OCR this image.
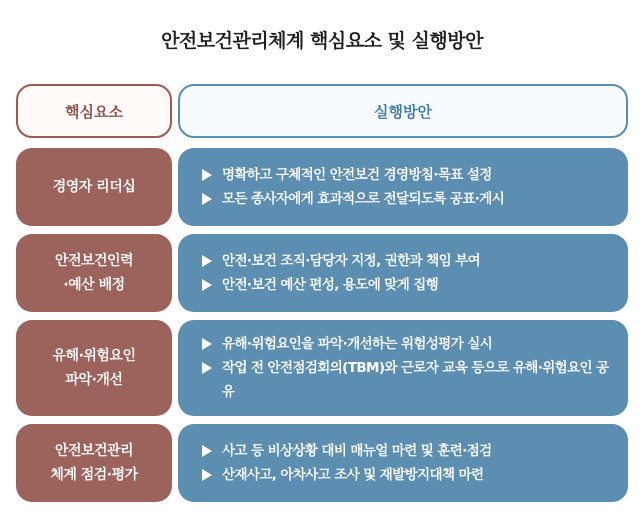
안전보건관리체계 핵심요소 및 실행방안
핵심요소	실행방안
경영자 리더십
명확하고 구체적인 안전보건 경영방침·목표 설정
모든 종사자에게 효과적으로 전달되도록 공표·게시
안전보건인력
·예산 배정
안전·보건 조직·담당자 지정, 권한과 책임 부여
안전·보건 예산 편성, 용도에 맞게 집행
유해·위험요인
파악·개선
유해·위험요인을 파악·개선하는 위험성평가 실시
작업 전 안전점검회의(TBM)와 근로자 교육 등으로 유해·위험요인 공유
안전보건관리
체계 점검·평가
사고 등 비상상황 대비 매뉴얼 마련 및 훈련·점검
산재사고, 아차사고 조사 및 재발방지대책 마련
